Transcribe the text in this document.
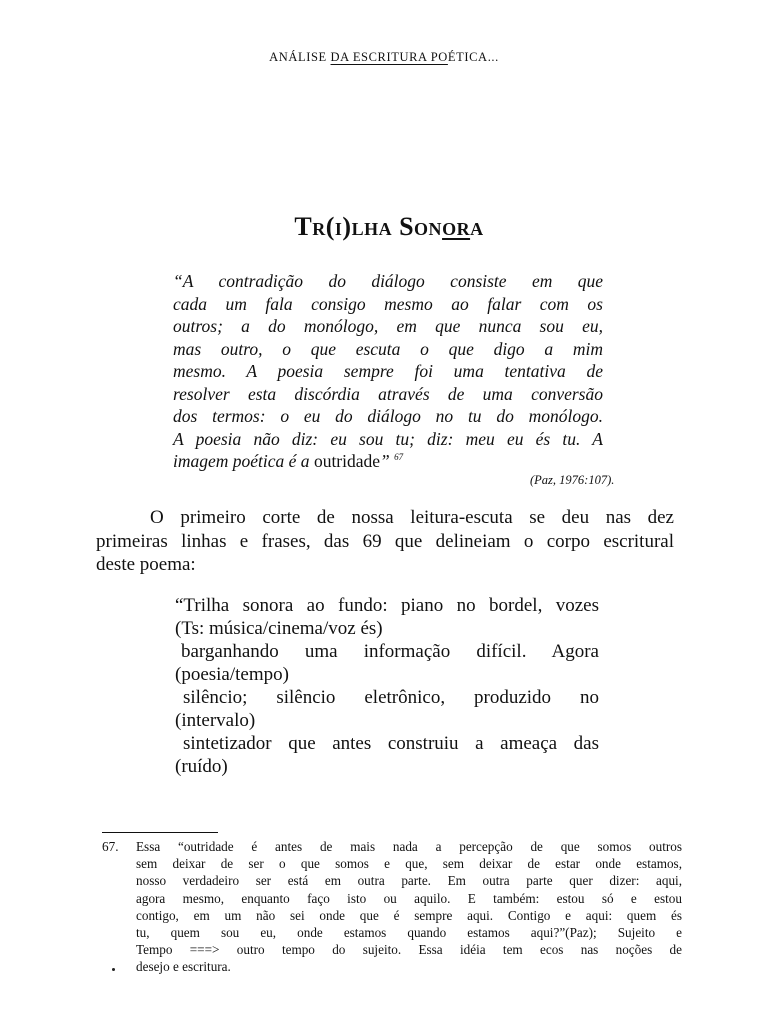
ANÁLISE DA ESCRITURA POÉTICA...
Tr(i)lha Sonora
“A contradição do diálogo consiste em que
cada um fala consigo mesmo ao falar com os
outros; a do monólogo, em que nunca sou eu,
mas outro, o que escuta o que digo a mim
mesmo. A poesia sempre foi uma tentativa de
resolver esta discórdia através de uma conversão
dos termos: o eu do diálogo no tu do monólogo.
A poesia não diz: eu sou tu; diz: meu eu és tu. A
imagem poética é a outridade” $^{67}$
(Paz, 1976:107).
O primeiro corte de nossa leitura-escuta se deu nas dez
primeiras linhas e frases, das 69 que delineiam o corpo escritural
deste poema:
“Trilha sonora ao fundo: piano no bordel, vozes
(Ts: música/cinema/voz és)
barganhando uma informação difícil. Agora
(poesia/tempo)
silêncio; silêncio eletrônico, produzido no
(intervalo)
sintetizador que antes construiu a ameaça das
(ruído)
67. Essa “outridade é antes de mais nada a percepção de que somos outros
sem deixar de ser o que somos e que, sem deixar de estar onde estamos,
nosso verdadeiro ser está em outra parte. Em outra parte quer dizer: aqui,
agora mesmo, enquanto faço isto ou aquilo. E também: estou só e estou
contigo, em um não sei onde que é sempre aqui. Contigo e aqui: quem és
tu, quem sou eu, onde estamos quando estamos aqui?”(Paz); Sujeito e
Tempo ===> outro tempo do sujeito. Essa idéia tem ecos nas noções de
desejo e escritura.
